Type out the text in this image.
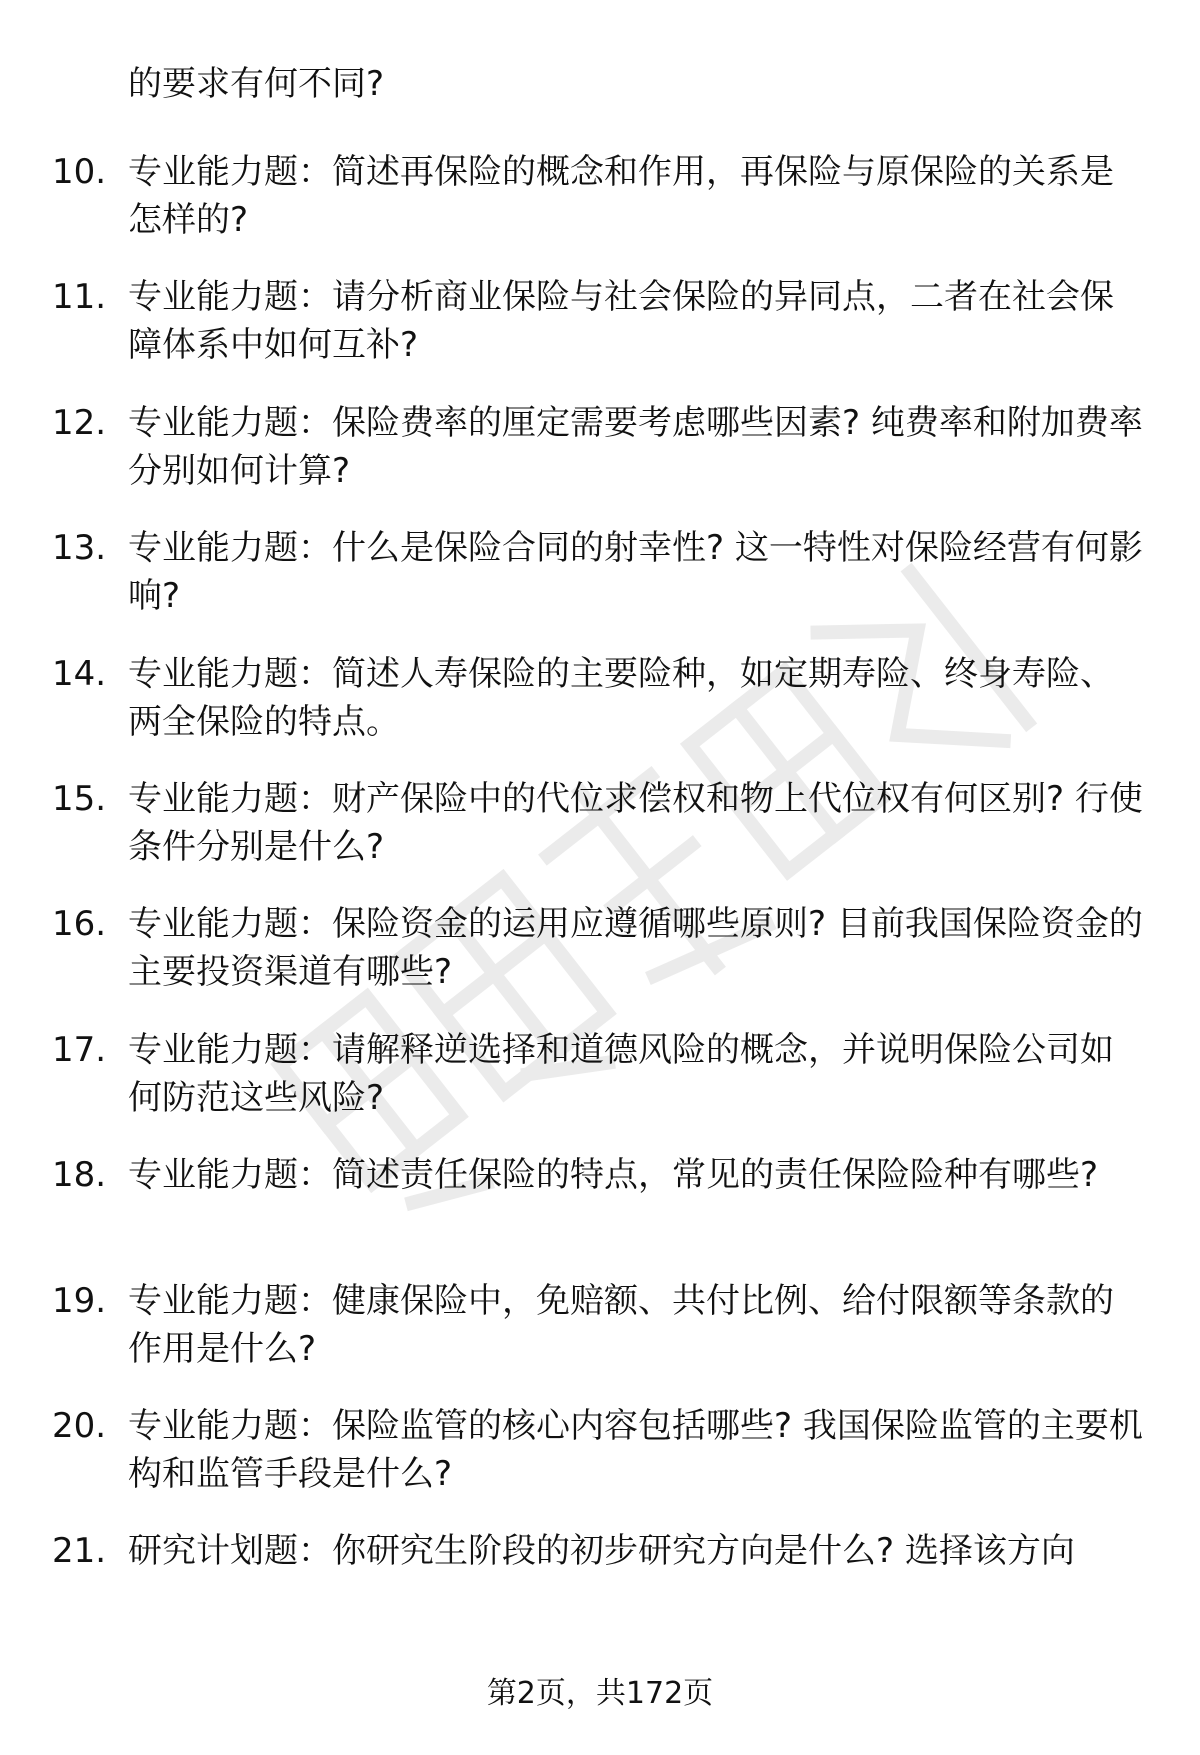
的要求有何不同?
10. 专业能力题：简述再保险的概念和作用，再保险与原保险的关系是怎样的?
11. 专业能力题：请分析商业保险与社会保险的异同点，二者在社会保障体系中如何互补?
12. 专业能力题：保险费率的厘定需要考虑哪些因素? 纯费率和附加费率分别如何计算?
13. 专业能力题：什么是保险合同的射幸性? 这一特性对保险经营有何影响?
14. 专业能力题：简述人寿保险的主要险种，如定期寿险、终身寿险、两全保险的特点。
15. 专业能力题：财产保险中的代位求偿权和物上代位权有何区别? 行使条件分别是什么?
16. 专业能力题：保险资金的运用应遵循哪些原则? 目前我国保险资金的主要投资渠道有哪些?
17. 专业能力题：请解释逆选择和道德风险的概念，并说明保险公司如何防范这些风险?
18. 专业能力题：简述责任保险的特点，常见的责任保险险种有哪些?
19. 专业能力题：健康保险中，免赔额、共付比例、给付限额等条款的作用是什么?
20. 专业能力题：保险监管的核心内容包括哪些? 我国保险监管的主要机构和监管手段是什么?
21. 研究计划题：你研究生阶段的初步研究方向是什么? 选择该方向
第2页，共172页
